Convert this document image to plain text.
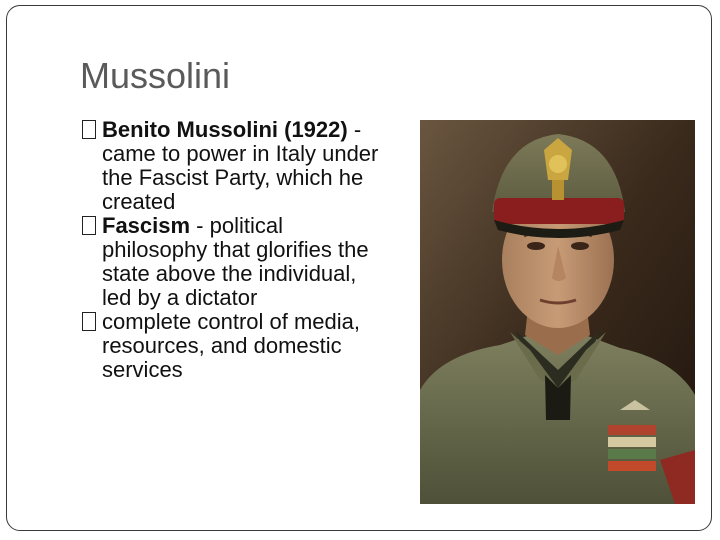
Mussolini
Benito Mussolini (1922) - came to power in Italy under the Fascist Party, which he created
Fascism - political philosophy that glorifies the state above the individual, led by a dictator
complete control of media, resources, and domestic services
